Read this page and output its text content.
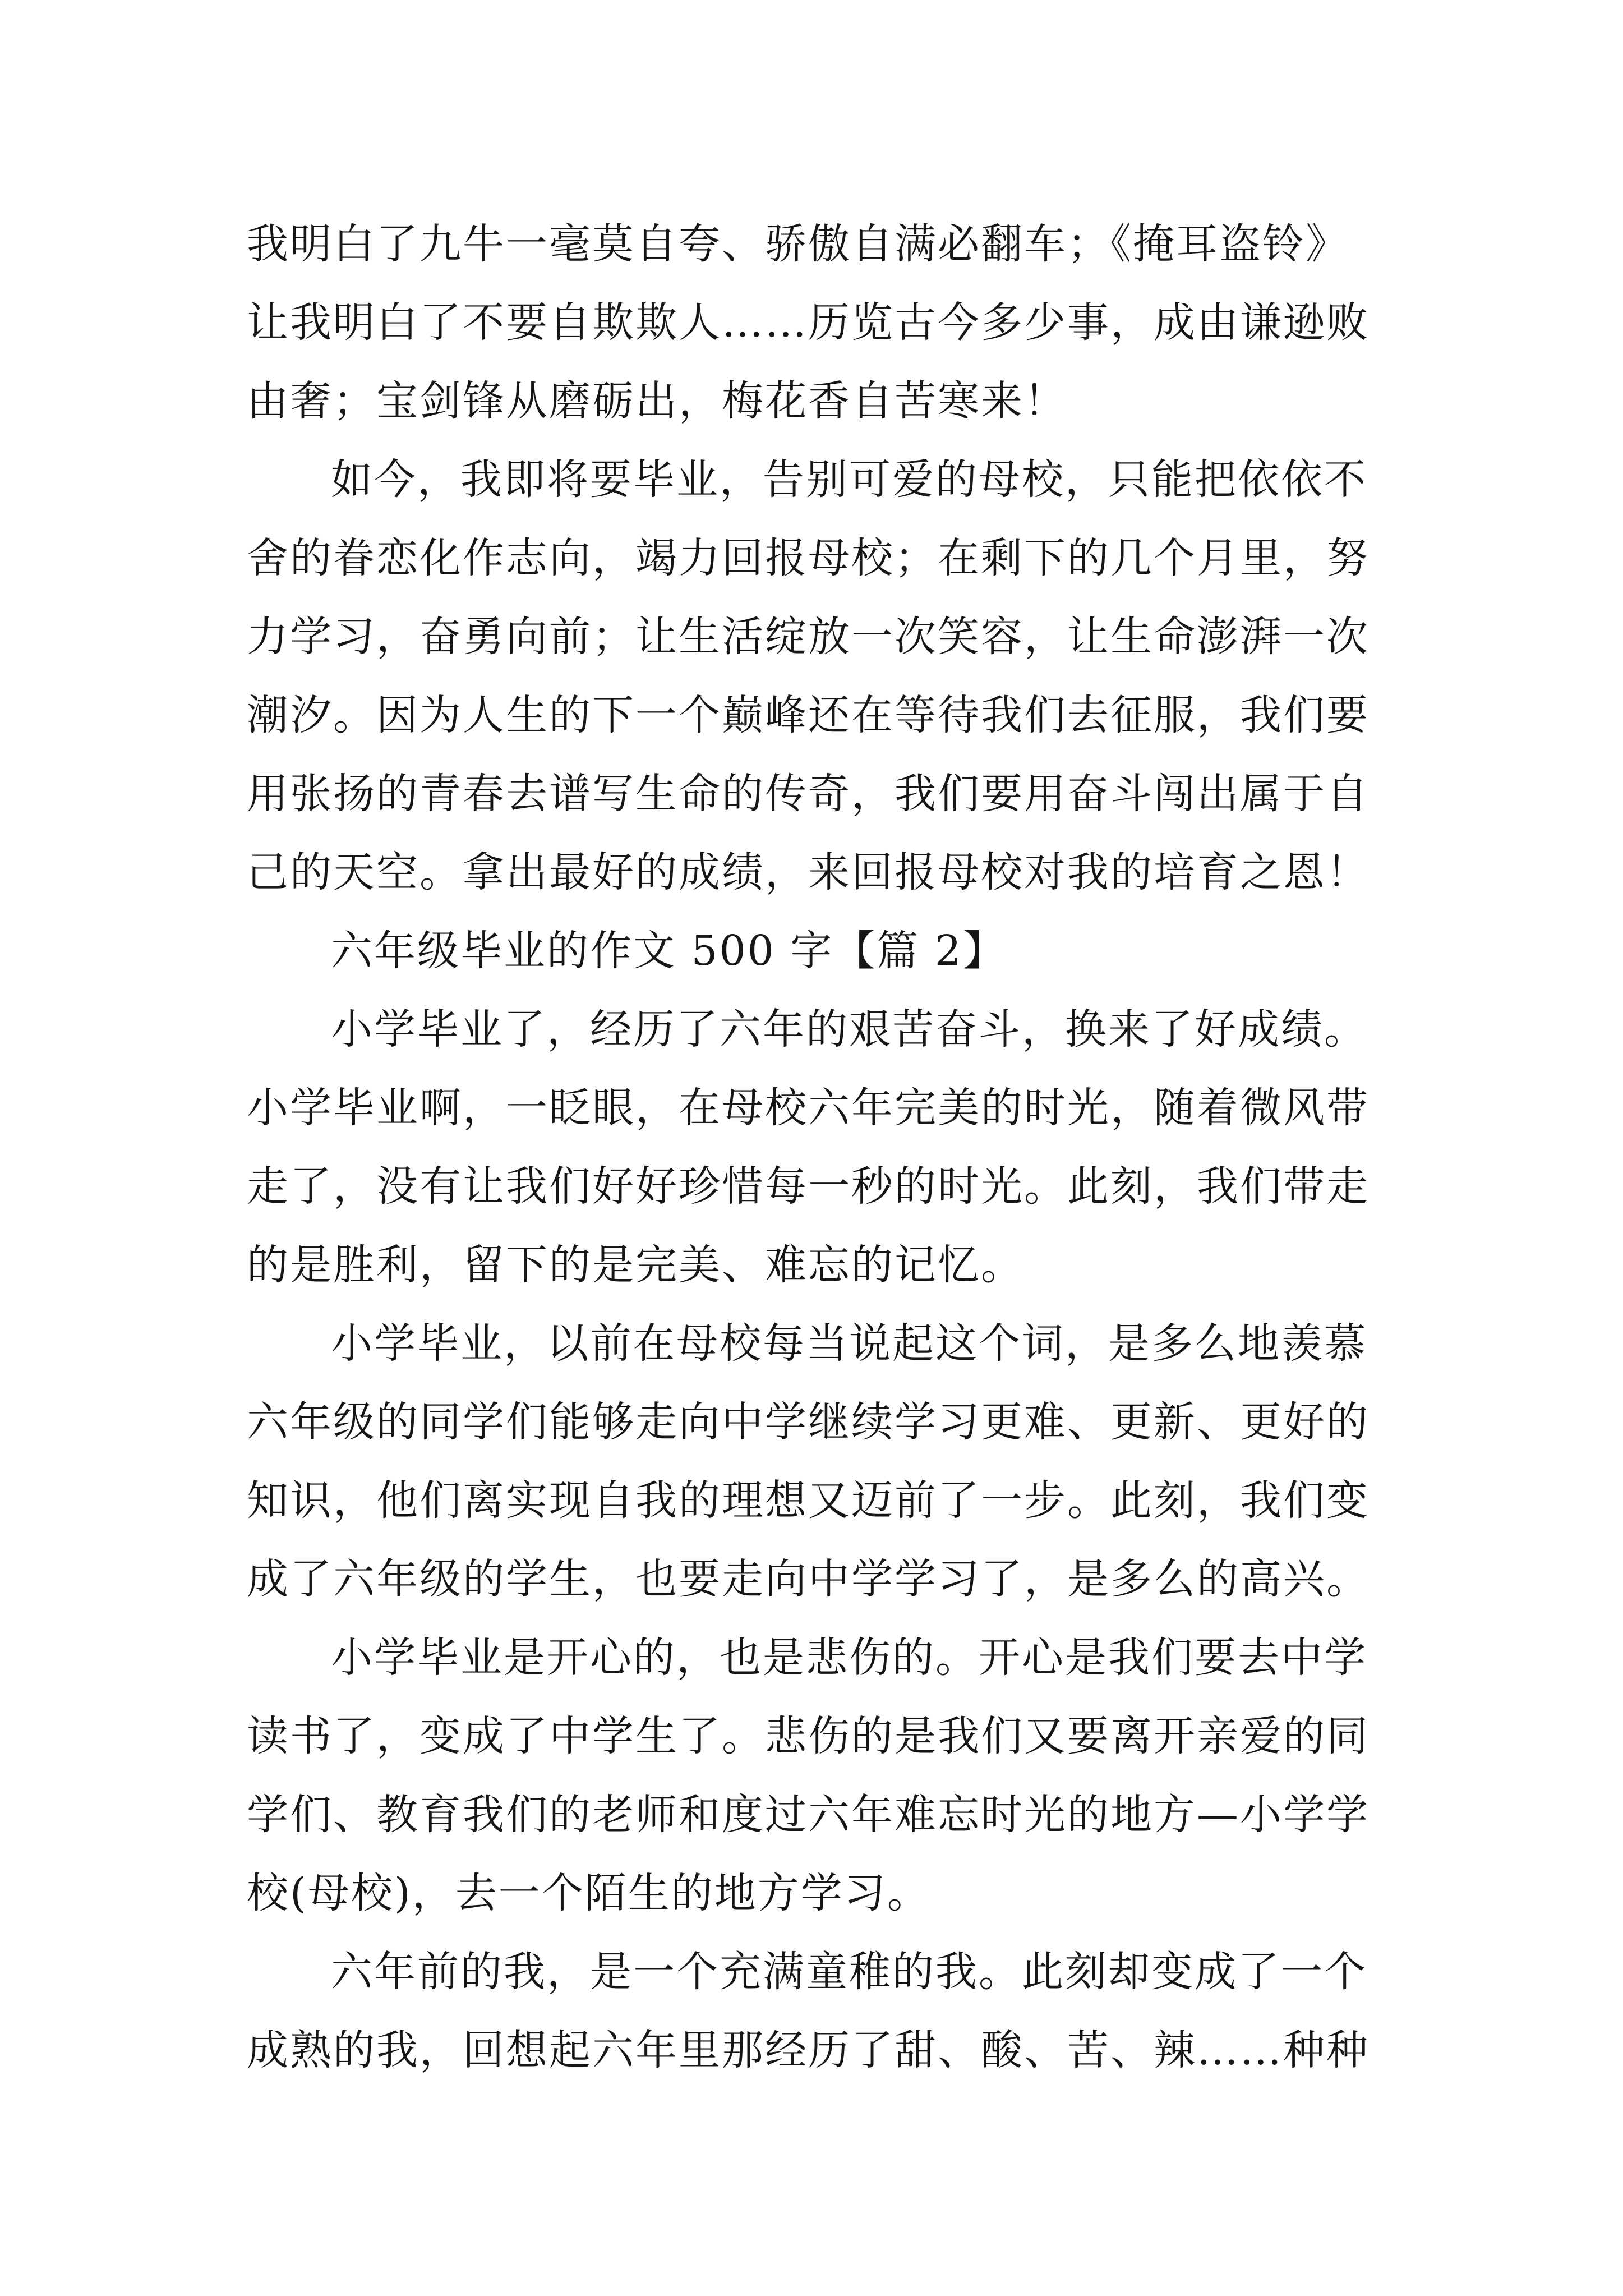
我明白了九牛一毫莫自夸、骄傲自满必翻车；《掩耳盗铃》
让我明白了不要自欺欺人……历览古今多少事，成由谦逊败
由奢；宝剑锋从磨砺出，梅花香自苦寒来！
如今，我即将要毕业，告别可爱的母校，只能把依依不
舍的眷恋化作志向，竭力回报母校；在剩下的几个月里，努
力学习，奋勇向前；让生活绽放一次笑容，让生命澎湃一次
潮汐。因为人生的下一个巅峰还在等待我们去征服，我们要
用张扬的青春去谱写生命的传奇，我们要用奋斗闯出属于自
己的天空。拿出最好的成绩，来回报母校对我的培育之恩！
六年级毕业的作文 500 字【篇 2】
小学毕业了，经历了六年的艰苦奋斗，换来了好成绩。
小学毕业啊，一眨眼，在母校六年完美的时光，随着微风带
走了，没有让我们好好珍惜每一秒的时光。此刻，我们带走
的是胜利，留下的是完美、难忘的记忆。
小学毕业，以前在母校每当说起这个词，是多么地羡慕
六年级的同学们能够走向中学继续学习更难、更新、更好的
知识，他们离实现自我的理想又迈前了一步。此刻，我们变
成了六年级的学生，也要走向中学学习了，是多么的高兴。
小学毕业是开心的，也是悲伤的。开心是我们要去中学
读书了，变成了中学生了。悲伤的是我们又要离开亲爱的同
学们、教育我们的老师和度过六年难忘时光的地方—小学学
校(母校)，去一个陌生的地方学习。
六年前的我，是一个充满童稚的我。此刻却变成了一个
成熟的我，回想起六年里那经历了甜、酸、苦、辣……种种
